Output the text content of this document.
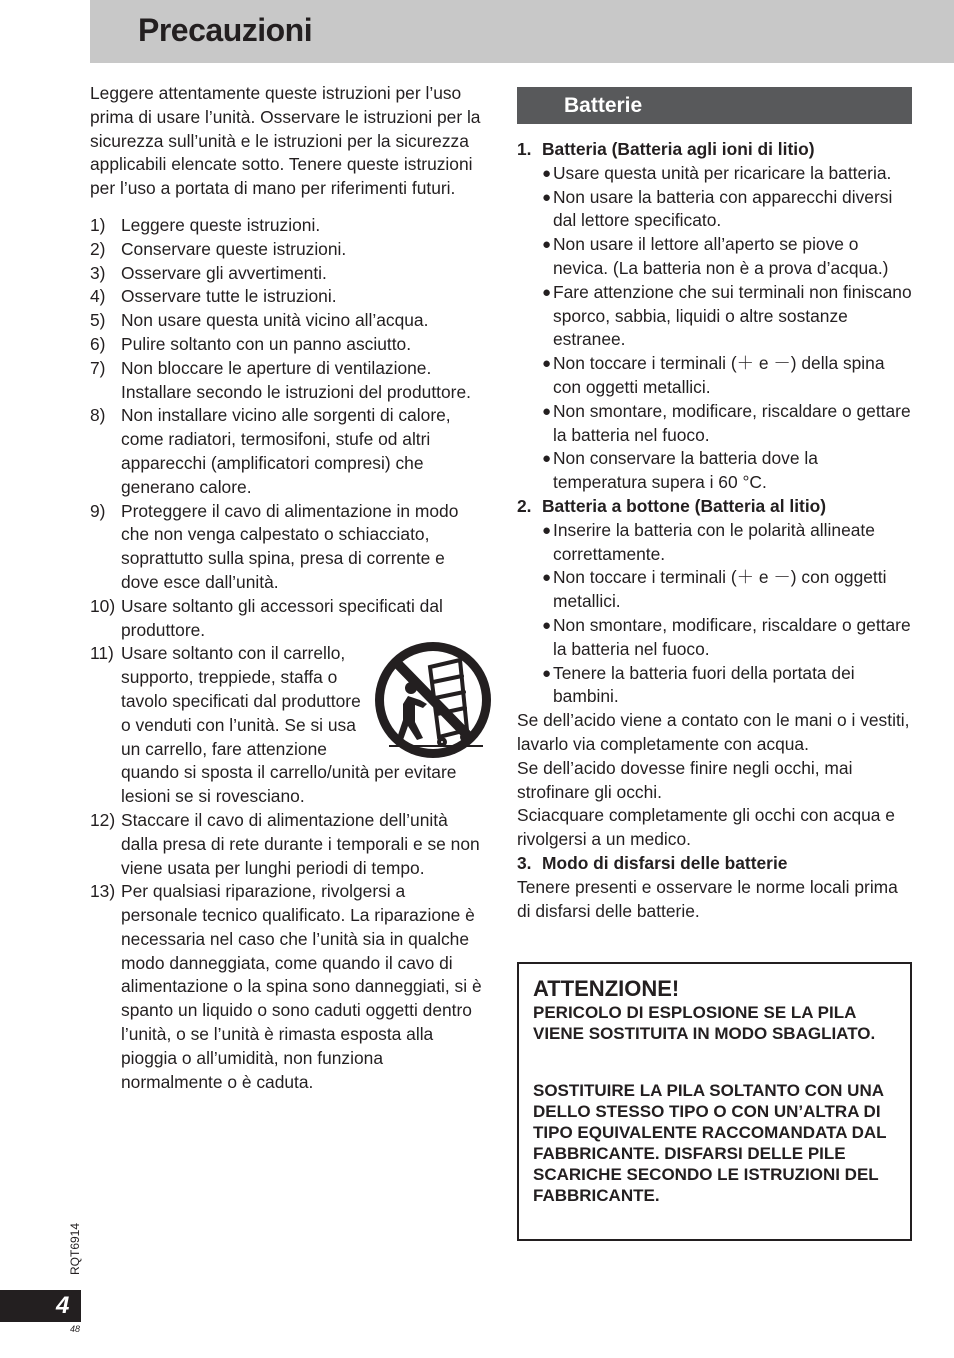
Precauzioni

Leggere attentamente queste istruzioni per l’uso prima di usare l’unità. Osservare le istruzioni per la sicurezza sull’unità e le istruzioni per la sicurezza applicabili elencate sotto. Tenere queste istruzioni per l’uso a portata di mano per riferimenti futuri.

1) Leggere queste istruzioni.
2) Conservare queste istruzioni.
3) Osservare gli avvertimenti.
4) Osservare tutte le istruzioni.
5) Non usare questa unità vicino all’acqua.
6) Pulire soltanto con un panno asciutto.
7) Non bloccare le aperture di ventilazione. Installare secondo le istruzioni del produttore.
8) Non installare vicino alle sorgenti di calore, come radiatori, termosifoni, stufe od altri apparecchi (amplificatori compresi) che generano calore.
9) Proteggere il cavo di alimentazione in modo che non venga calpestato o schiacciato, soprattutto sulla spina, presa di corrente e dove esce dall’unità.
10) Usare soltanto gli accessori specificati dal produttore.
11) Usare soltanto con il carrello, supporto, treppiede, staffa o tavolo specificati dal produttore o venduti con l’unità. Se si usa un carrello, fare attenzione quando si sposta il carrello/unità per evitare lesioni se si rovesciano.
12) Staccare il cavo di alimentazione dell’unità dalla presa di rete durante i temporali e se non viene usata per lunghi periodi di tempo.
13) Per qualsiasi riparazione, rivolgersi a personale tecnico qualificato. La riparazione è necessaria nel caso che l’unità sia in qualche modo danneggiata, come quando il cavo di alimentazione o la spina sono danneggiati, si è spanto un liquido o sono caduti oggetti dentro l’unità, o se l’unità è rimasta esposta alla pioggia o all’umidità, non funziona normalmente o è caduta.
Batterie

1. Batteria (Batteria agli ioni di litio)

● Usare questa unità per ricaricare la batteria.
● Non usare la batteria con apparecchi diversi dal lettore specificato.
● Non usare il lettore all’aperto se piove o nevica. (La batteria non è a prova d’acqua.)
● Fare attenzione che sui terminali non finiscano sporco, sabbia, liquidi o altre sostanze estranee.
● Non toccare i terminali (＋ e －) della spina con oggetti metallici.
● Non smontare, modificare, riscaldare o gettare la batteria nel fuoco.
● Non conservare la batteria dove la temperatura supera i 60 °C.

2. Batteria a bottone (Batteria al litio)

● Inserire la batteria con le polarità allineate correttamente.
● Non toccare i terminali (＋ e －) con oggetti metallici.
● Non smontare, modificare, riscaldare o gettare la batteria nel fuoco.
● Tenere la batteria fuori della portata dei bambini.

Se dell’acido viene a contato con le mani o i vestiti, lavarlo via completamente con acqua.

Se dell’acido dovesse finire negli occhi, mai strofinare gli occhi.

Sciacquare completamente gli occhi con acqua e rivolgersi a un medico.

3. Modo di disfarsi delle batterie

Tenere presenti e osservare le norme locali prima di disfarsi delle batterie.

ATTENZIONE!

PERICOLO DI ESPLOSIONE SE LA PILA VIENE SOSTITUITA IN MODO SBAGLIATO.

SOSTITUIRE LA PILA SOLTANTO CON UNA DELLO STESSO TIPO O CON UN’ALTRA DI TIPO EQUIVALENTE RACCOMANDATA DAL FABBRICANTE. DISFARSI DELLE PILE SCARICHE SECONDO LE ISTRUZIONI DEL FABBRICANTE.

RQT6914
4
48
